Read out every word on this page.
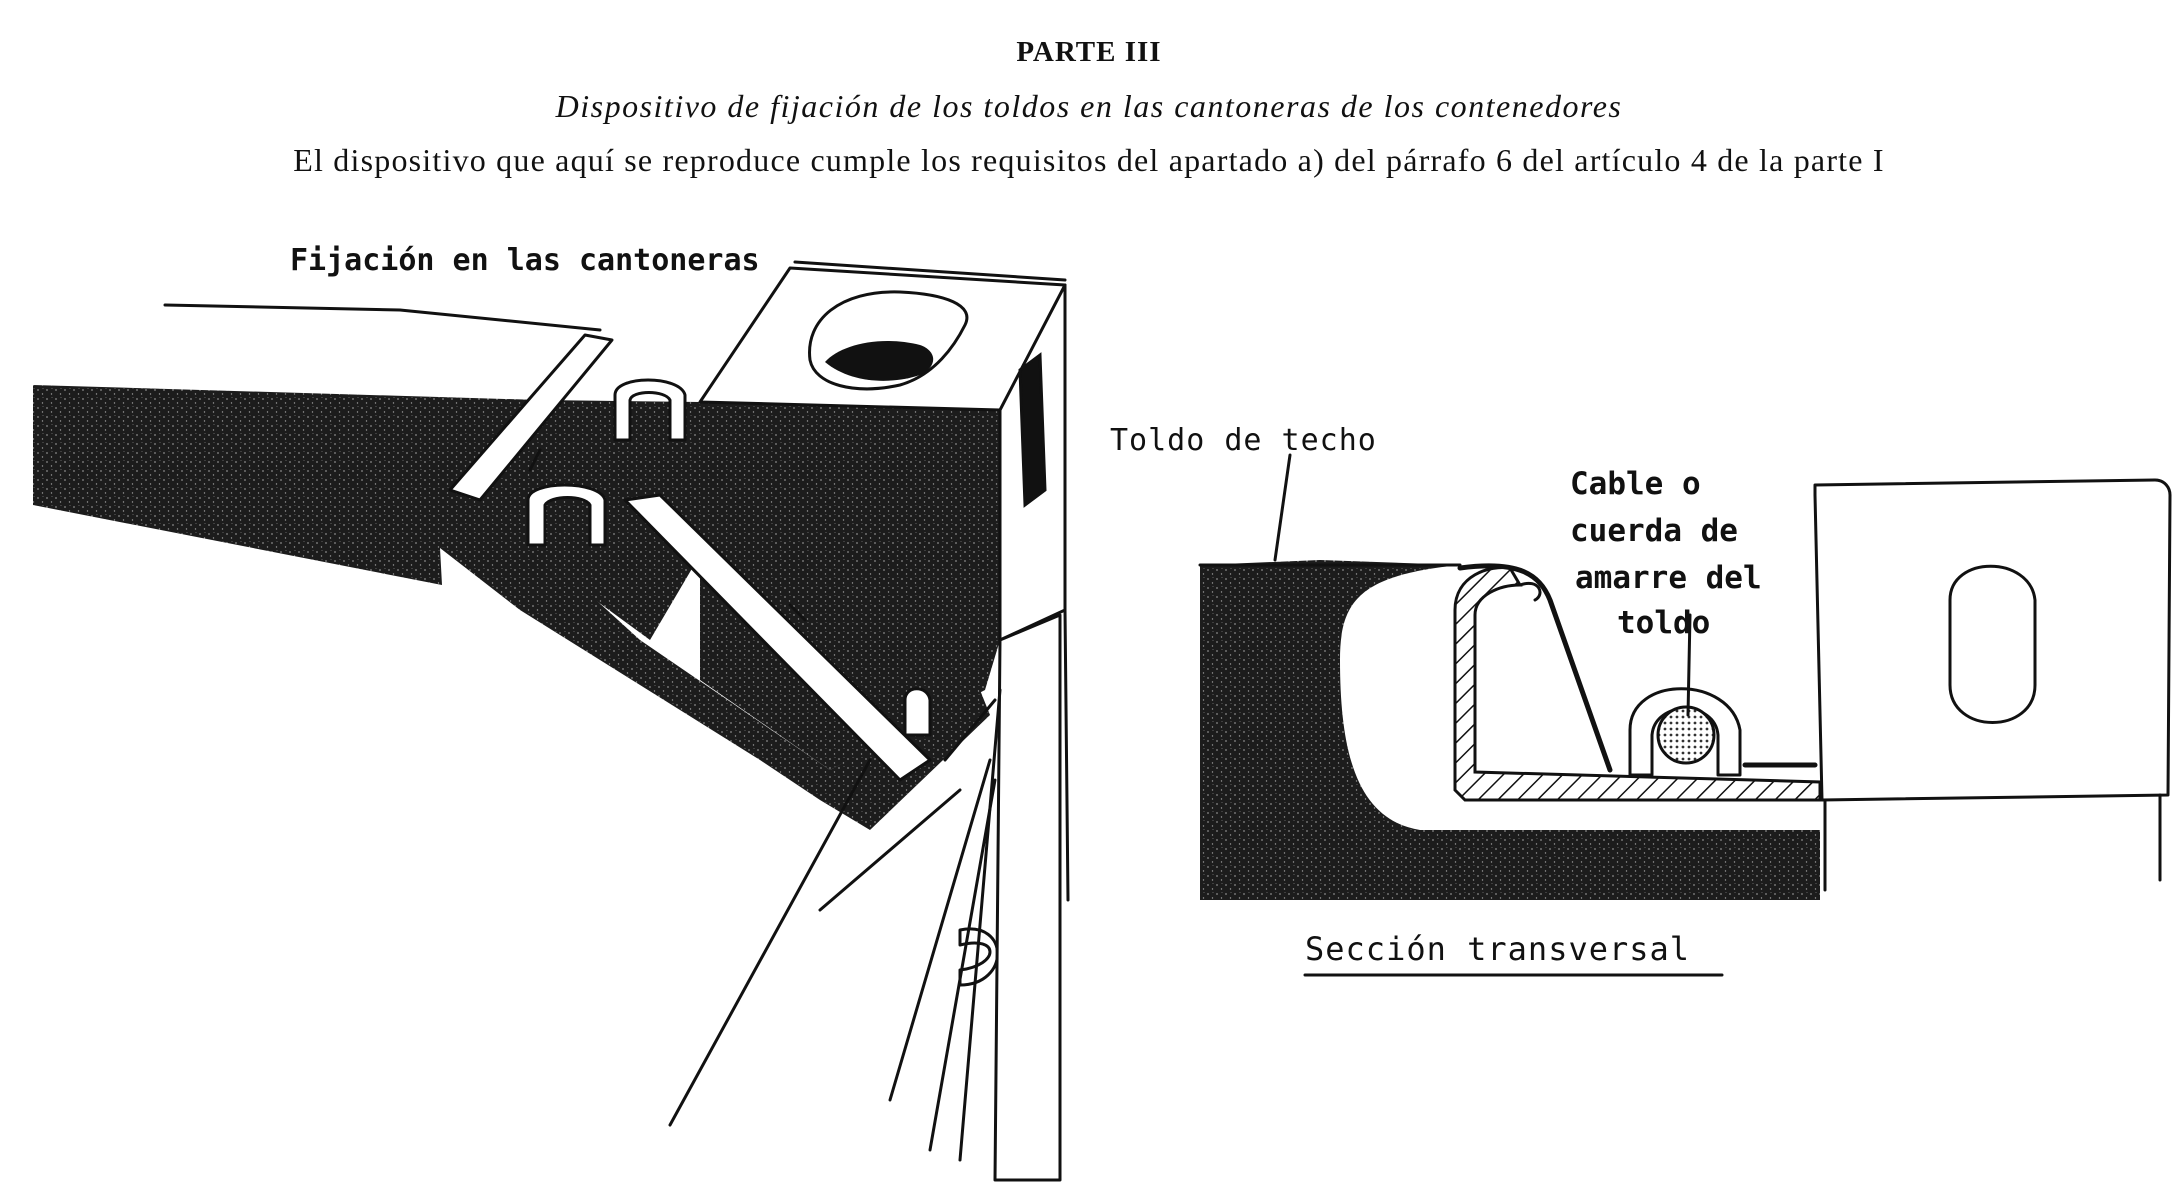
PARTE III
Dispositivo de fijación de los toldos en las cantoneras de los contenedores
El dispositivo que aquí se reproduce cumple los requisitos del apartado a) del párrafo 6 del artículo 4 de la parte I
Fijación en las cantoneras
Toldo de techo
Cable o
cuerda de
amarre del
toldo
Sección transversal
